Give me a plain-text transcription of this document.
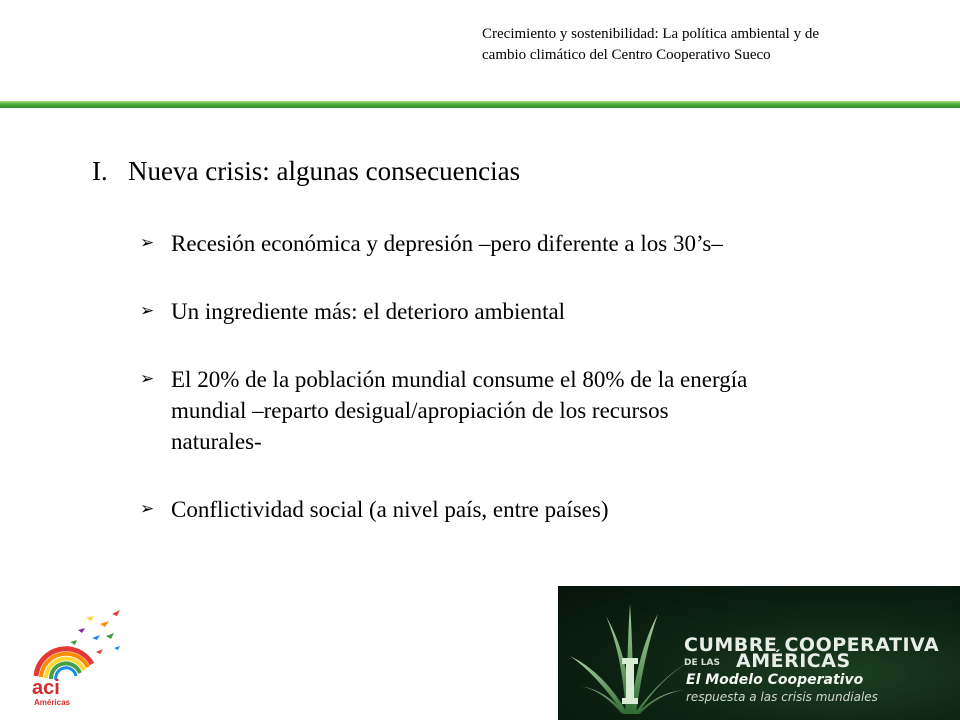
Crecimiento y sostenibilidad: La política ambiental y de
cambio climático del Centro Cooperativo Sueco
I. Nueva crisis: algunas consecuencias
➢ Recesión económica y depresión –pero diferente a los 30’s–
➢ Un ingrediente más: el deterioro ambiental
➢ El 20% de la población mundial consume el 80% de la energía
mundial –reparto desigual/apropiación de los recursos
naturales-
➢ Conflictividad social (a nivel país, entre países)
aci
Américas
CUMBRE COOPERATIVA
DE LAS AMÉRICAS
El Modelo Cooperativo
respuesta a las crisis mundiales
